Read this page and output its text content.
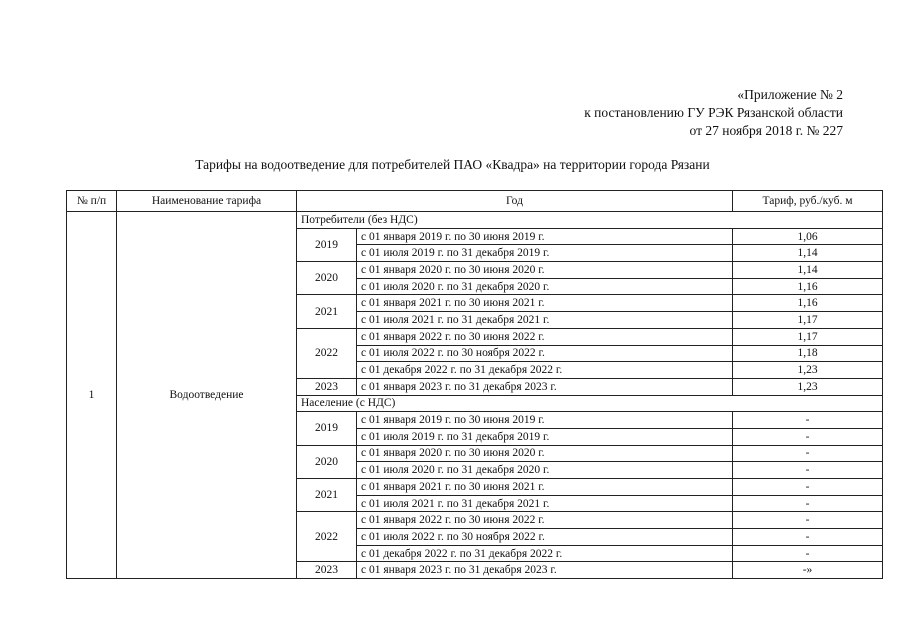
«Приложение № 2
к постановлению ГУ РЭК Рязанской области
от 27 ноября 2018 г. № 227
Тарифы на водоотведение для потребителей ПАО «Квадра» на территории города Рязани
№ п/п	Наименование тарифа	Год		Тариф, руб./куб. м
1	Водоотведение	Потребители (без НДС)		
		2019	с 01 января 2019 г. по 30 июня 2019 г.	1,06
			с 01 июля 2019 г. по 31 декабря 2019 г.	1,14
		2020	с 01 января 2020 г. по 30 июня 2020 г.	1,14
			с 01 июля 2020 г. по 31 декабря 2020 г.	1,16
		2021	с 01 января 2021 г. по 30 июня 2021 г.	1,16
			с 01 июля 2021 г. по 31 декабря 2021 г.	1,17
		2022	с 01 января 2022 г. по 30 июня 2022 г.	1,17
			с 01 июля 2022 г. по 30 ноября 2022 г.	1,18
			с 01 декабря 2022 г. по 31 декабря 2022 г.	1,23
		2023	с 01 января 2023 г. по 31 декабря 2023 г.	1,23
		Население (с НДС)		
		2019	с 01 января 2019 г. по 30 июня 2019 г.	-
			с 01 июля 2019 г. по 31 декабря 2019 г.	-
		2020	с 01 января 2020 г. по 30 июня 2020 г.	-
			с 01 июля 2020 г. по 31 декабря 2020 г.	-
		2021	с 01 января 2021 г. по 30 июня 2021 г.	-
			с 01 июля 2021 г. по 31 декабря 2021 г.	-
		2022	с 01 января 2022 г. по 30 июня 2022 г.	-
			с 01 июля 2022 г. по 30 ноября 2022 г.	-
			с 01 декабря 2022 г. по 31 декабря 2022 г.	-
		2023	с 01 января 2023 г. по 31 декабря 2023 г.	-»
